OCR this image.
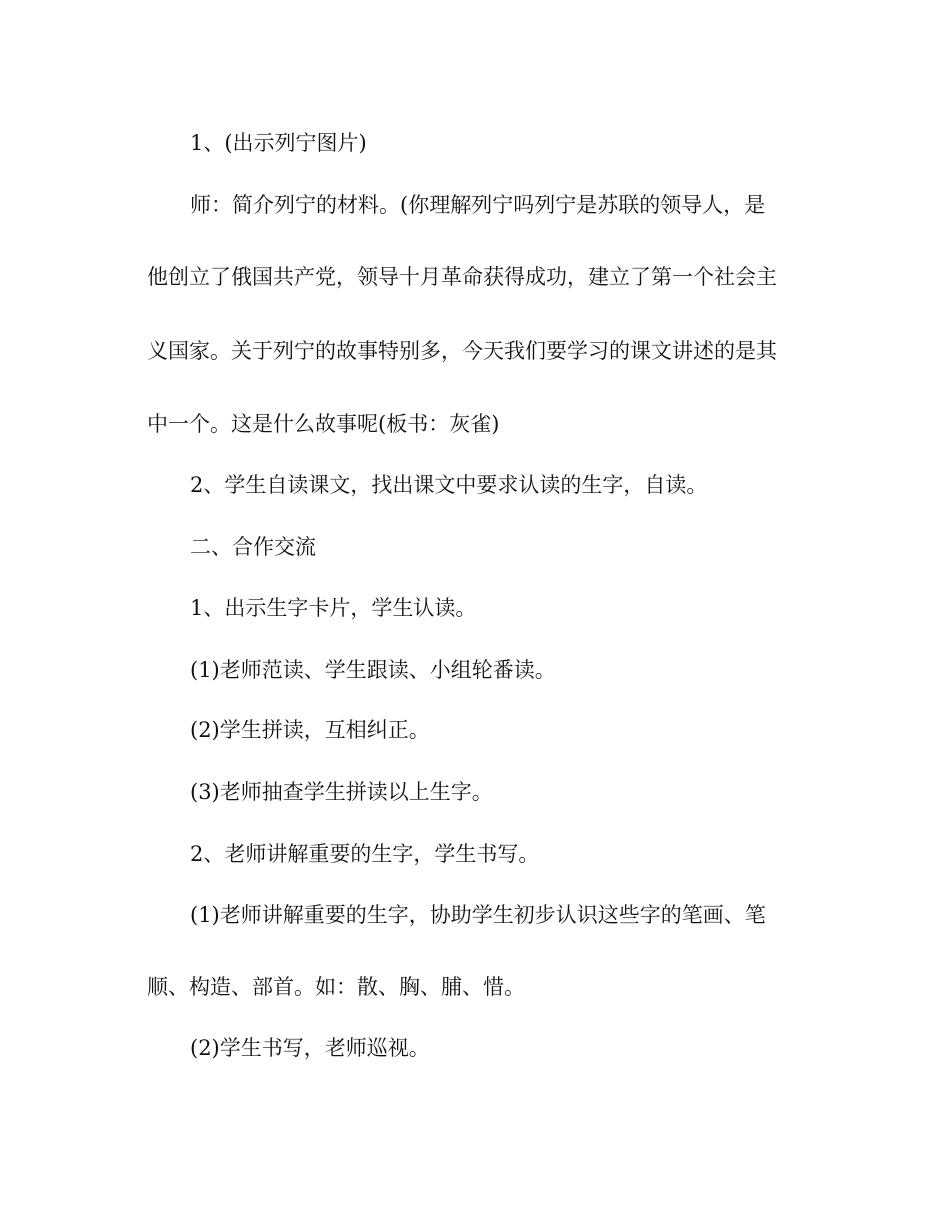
1、(出示列宁图片)
师：简介列宁的材料。(你理解列宁吗列宁是苏联的领导人，是
他创立了俄国共产党，领导十月革命获得成功，建立了第一个社会主
义国家。关于列宁的故事特别多，今天我们要学习的课文讲述的是其
中一个。这是什么故事呢(板书：灰雀)
2、学生自读课文，找出课文中要求认读的生字，自读。
二、合作交流
1、出示生字卡片，学生认读。
(1)老师范读、学生跟读、小组轮番读。
(2)学生拼读，互相纠正。
(3)老师抽查学生拼读以上生字。
2、老师讲解重要的生字，学生书写。
(1)老师讲解重要的生字，协助学生初步认识这些字的笔画、笔
顺、构造、部首。如：散、胸、脯、惜。
(2)学生书写，老师巡视。
